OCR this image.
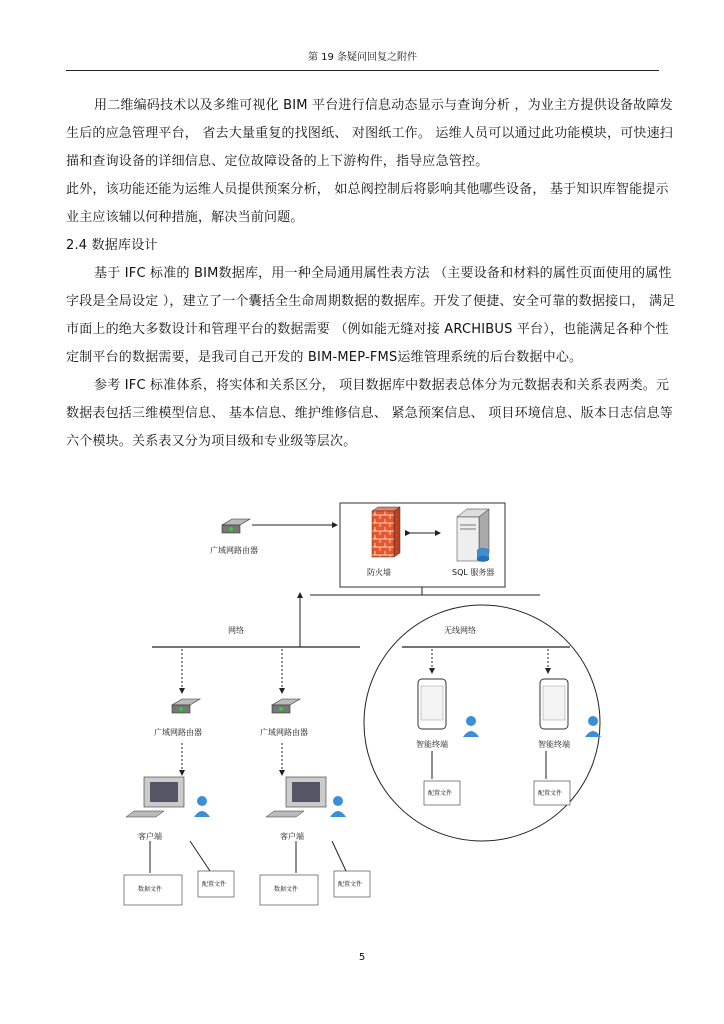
第 19 条疑问回复之附件

用二维编码技术以及多维可视化 BIM 平台进行信息动态显示与查询分析 ，为业主方提供设备故障发生后的应急管理平台， 省去大量重复的找图纸、 对图纸工作。 运维人员可以通过此功能模块，可快速扫描和查询设备的详细信息、定位故障设备的上下游构件，指导应急管控。

此外，该功能还能为运维人员提供预案分析， 如总阀控制后将影响其他哪些设备， 基于知识库智能提示业主应该辅以何种措施，解决当前问题。

2.4 数据库设计

基于 IFC 标准的 BIM数据库，用一种全局通用属性表方法 （主要设备和材料的属性页面使用的属性字段是全局设定 ），建立了一个囊括全生命周期数据的数据库。开发了便捷、安全可靠的数据接口， 满足市面上的绝大多数设计和管理平台的数据需要 （例如能无缝对接 ARCHIBUS 平台），也能满足各种个性定制平台的数据需要，是我司自己开发的 BIM-MEP-FMS运维管理系统的后台数据中心。

参考 IFC 标准体系，将实体和关系区分， 项目数据库中数据表总体分为元数据表和关系表两类。元数据表包括三维模型信息、 基本信息、维护维修信息、 紧急预案信息、 项目环境信息、版本日志信息等六个模块。关系表又分为项目级和专业级等层次。

广域网路由器
防火墙	SQL 服务器
网络	无线网络
广域网路由器
客户端
数据文件
配置文件
广域网路由器
客户端
数据文件
配置文件
智能终端
配置文件
智能终端
配置文件
5
